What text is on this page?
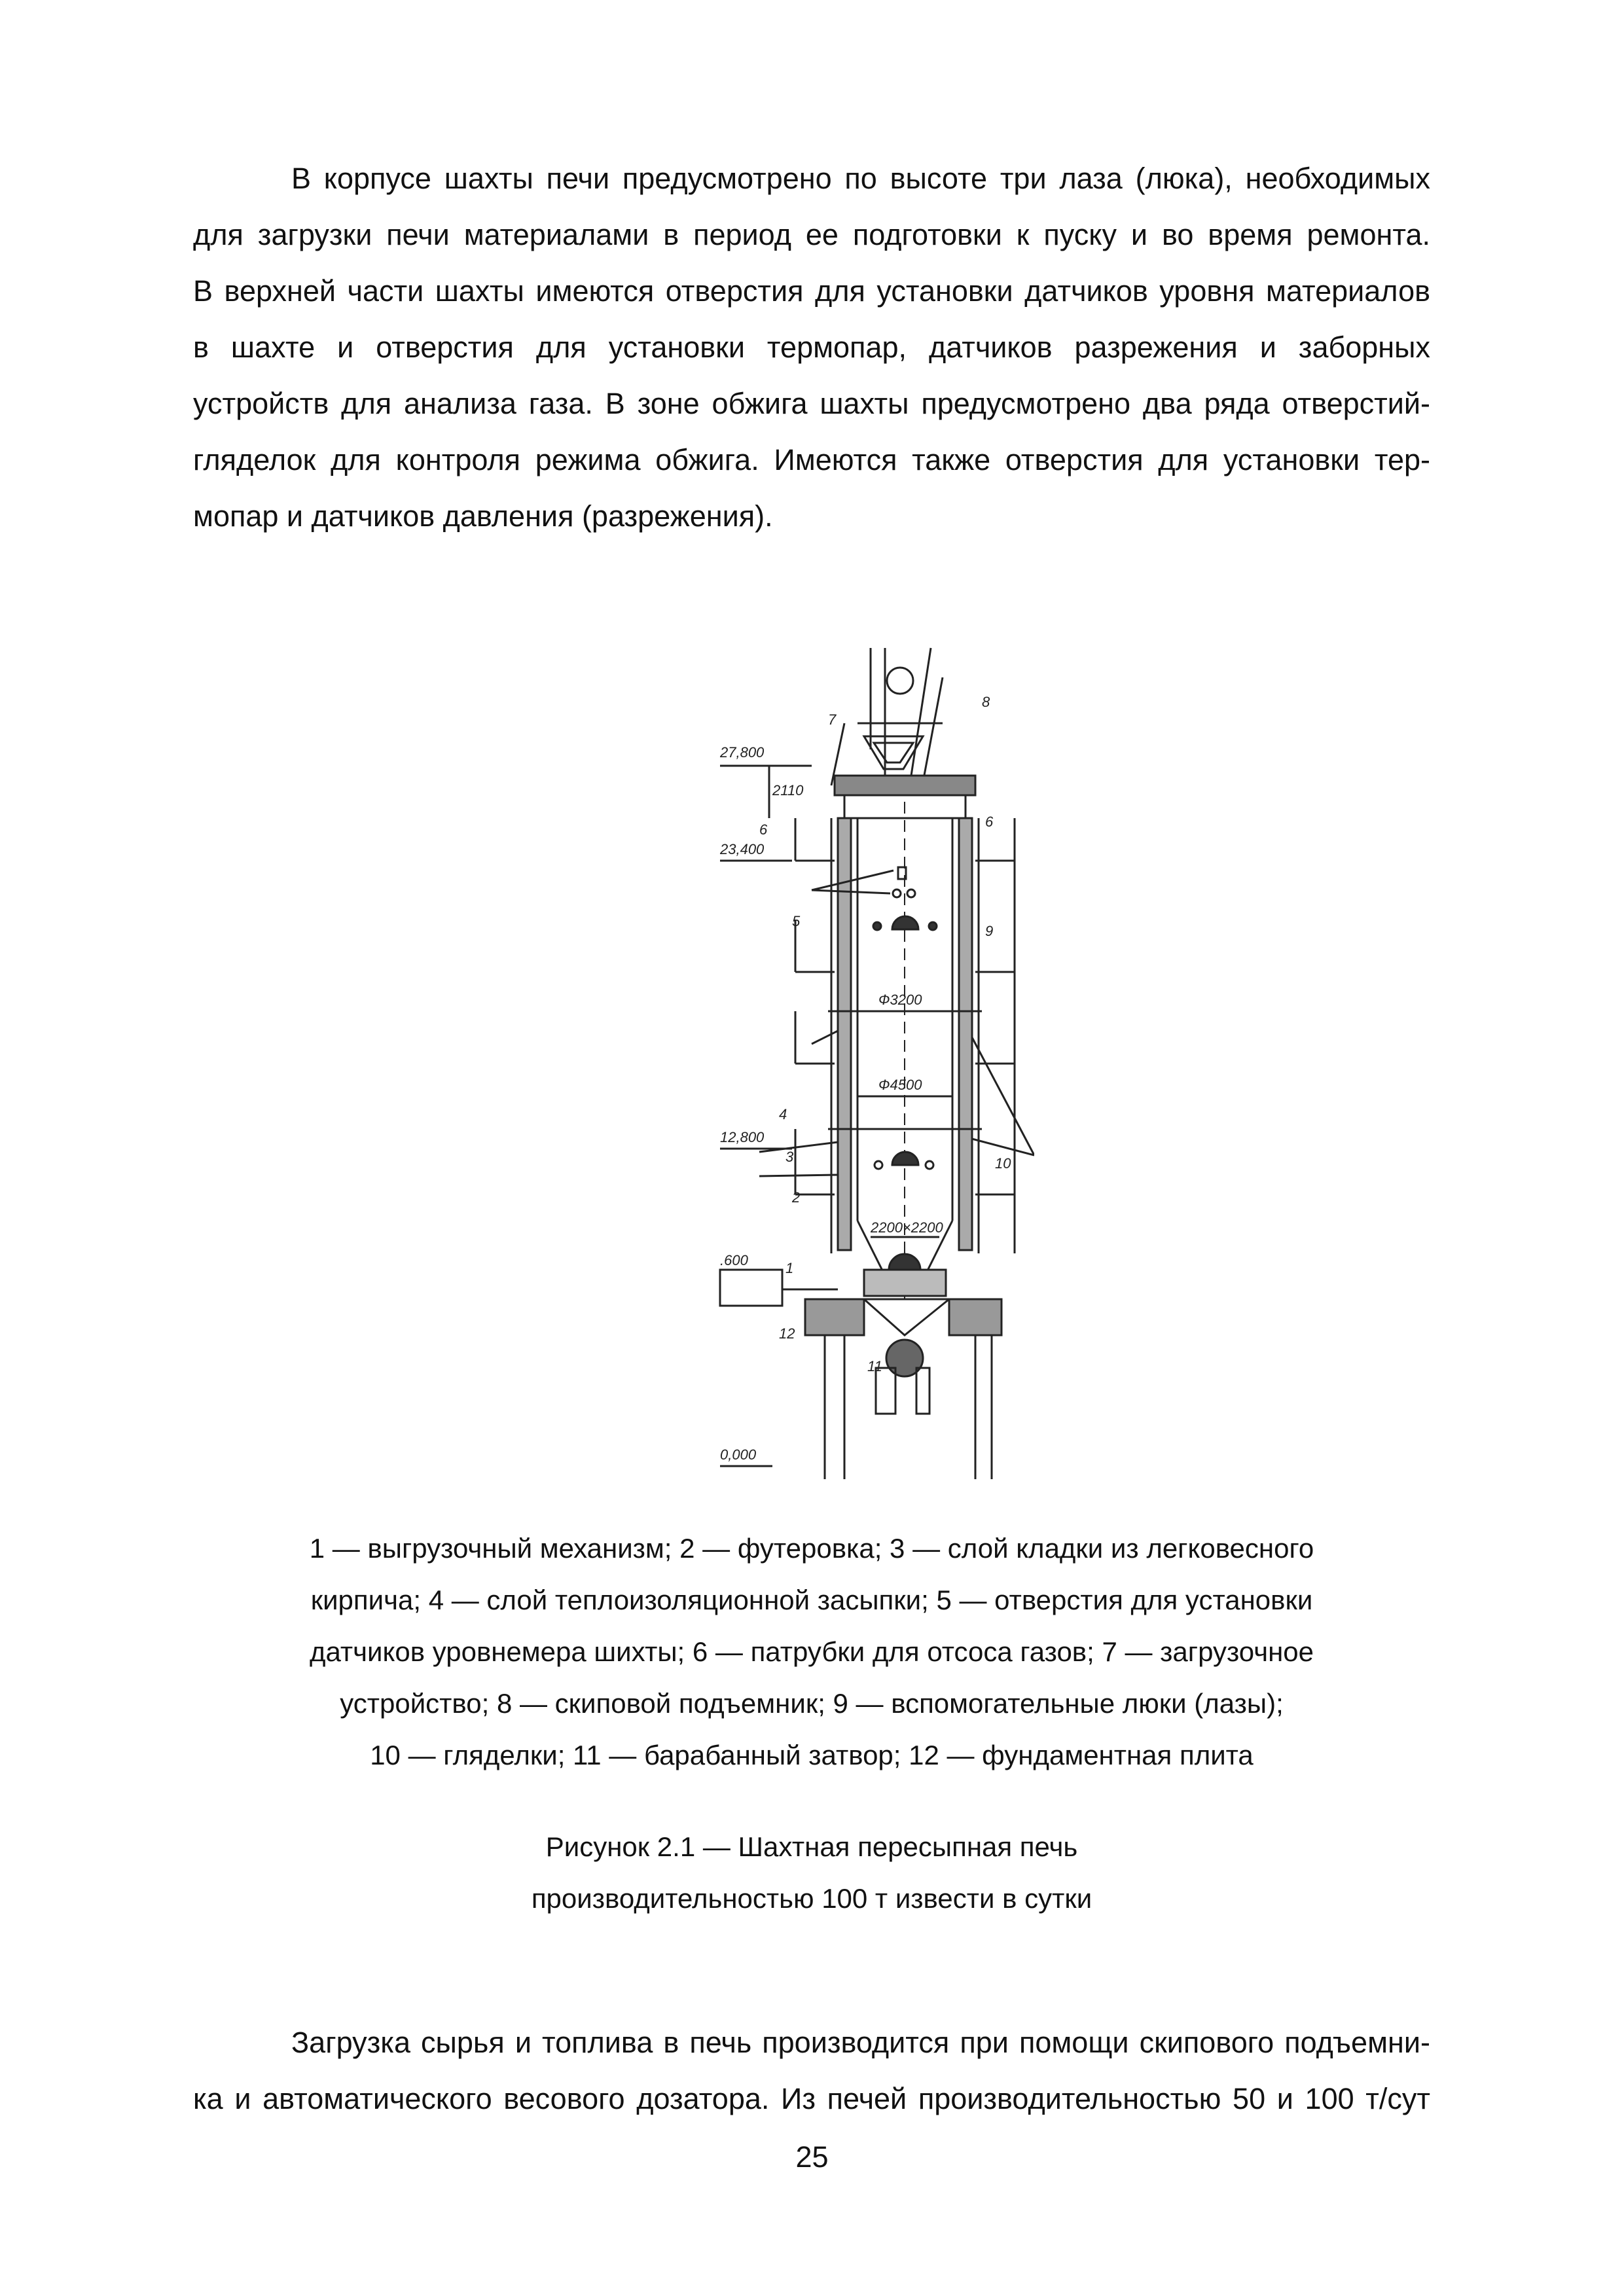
В корпусе шахты печи предусмотрено по высоте три лаза (люка), необходимых
для загрузки печи материалами в период ее подготовки к пуску и во время ремонта.
В верхней части шахты имеются отверстия для установки датчиков уровня материалов
в шахте и отверстия для установки термопар, датчиков разрежения и заборных
устройств для анализа газа. В зоне обжига шахты предусмотрено два ряда отверстий-
гляделок для контроля режима обжига. Имеются также отверстия для установки тер-
мопар и датчиков давления (разрежения).

27,800
23,400
12,800
.600
0,000
2110
Ф3200
Ф4500
2200×2200
1
2
3
4
5
6	6
7
8
9
10
11
12

1 — выгрузочный механизм; 2 — футеровка; 3 — слой кладки из легковесного
кирпича; 4 — слой теплоизоляционной засыпки; 5 — отверстия для установки
датчиков уровнемера шихты; 6 — патрубки для отсоса газов; 7 — загрузочное
устройство; 8 — скиповой подъемник; 9 — вспомогательные люки (лазы);
10 — гляделки; 11 — барабанный затвор; 12 — фундаментная плита

Рисунок 2.1 — Шахтная пересыпная печь
производительностью 100 т извести в сутки

Загрузка сырья и топлива в печь производится при помощи скипового подъемни-
ка и автоматического весового дозатора. Из печей производительностью 50 и 100 т/сут

25
